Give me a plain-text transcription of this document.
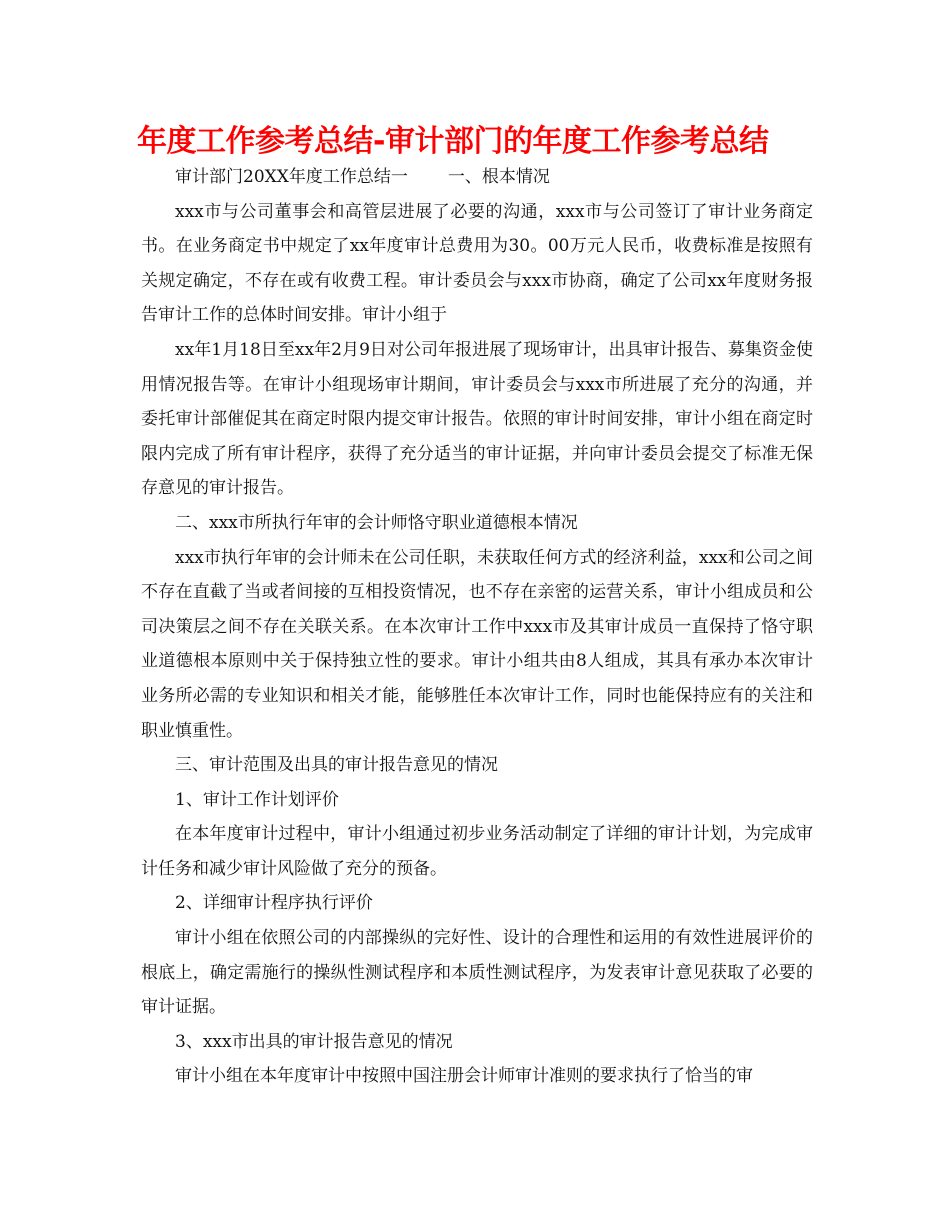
年度工作参考总结-审计部门的年度工作参考总结

审计部门20XX年度工作总结一 一、根本情况

xxx市与公司董事会和高管层进展了必要的沟通，xxx市与公司签订了审计业务商定书。在业务商定书中规定了xx年度审计总费用为30。00万元人民币，收费标准是按照有关规定确定，不存在或有收费工程。审计委员会与xxx市协商，确定了公司xx年度财务报告审计工作的总体时间安排。审计小组于

xx年1月18日至xx年2月9日对公司年报进展了现场审计，出具审计报告、募集资金使用情况报告等。在审计小组现场审计期间，审计委员会与xxx市所进展了充分的沟通，并委托审计部催促其在商定时限内提交审计报告。依照的审计时间安排，审计小组在商定时限内完成了所有审计程序，获得了充分适当的审计证据，并向审计委员会提交了标准无保存意见的审计报告。

二、xxx市所执行年审的会计师恪守职业道德根本情况

xxx市执行年审的会计师未在公司任职，未获取任何方式的经济利益，xxx和公司之间不存在直截了当或者间接的互相投资情况，也不存在亲密的运营关系，审计小组成员和公司决策层之间不存在关联关系。在本次审计工作中xxx市及其审计成员一直保持了恪守职业道德根本原则中关于保持独立性的要求。审计小组共由8人组成，其具有承办本次审计业务所必需的专业知识和相关才能，能够胜任本次审计工作，同时也能保持应有的关注和职业慎重性。

三、审计范围及出具的审计报告意见的情况

1、审计工作计划评价

在本年度审计过程中，审计小组通过初步业务活动制定了详细的审计计划，为完成审计任务和减少审计风险做了充分的预备。

2、详细审计程序执行评价

审计小组在依照公司的内部操纵的完好性、设计的合理性和运用的有效性进展评价的根底上，确定需施行的操纵性测试程序和本质性测试程序，为发表审计意见获取了必要的审计证据。

3、xxx市出具的审计报告意见的情况

审计小组在本年度审计中按照中国注册会计师审计准则的要求执行了恰当的审
